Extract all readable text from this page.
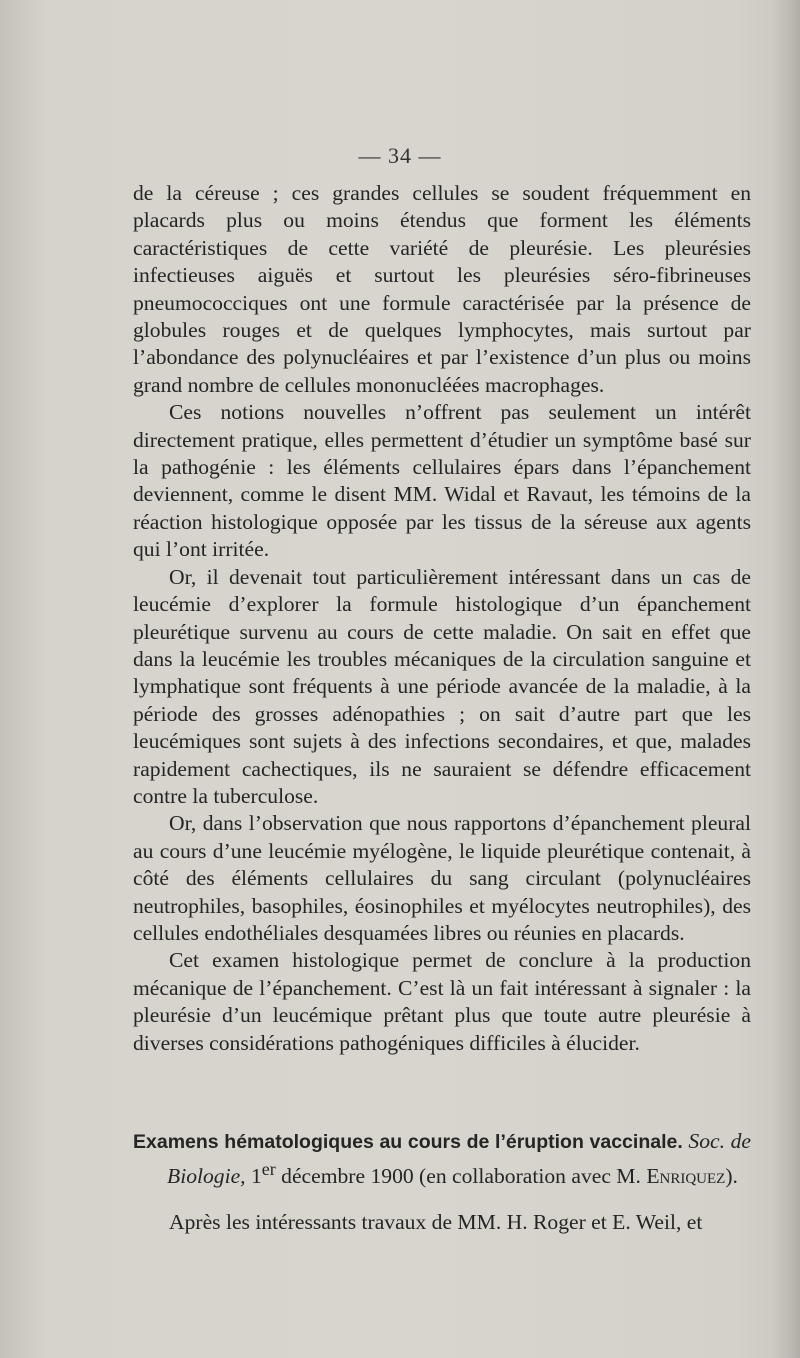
— 34 —

de la céreuse ; ces grandes cellules se soudent fréquemment en placards plus ou moins étendus que forment les éléments caractéristiques de cette variété de pleurésie. Les pleurésies infectieuses aiguës et surtout les pleurésies séro-fibrineuses pneumococciques ont une formule caractérisée par la présence de globules rouges et de quelques lymphocytes, mais surtout par l’abondance des polynucléaires et par l’existence d’un plus ou moins grand nombre de cellules mononucléées macrophages.

Ces notions nouvelles n’offrent pas seulement un intérêt directement pratique, elles permettent d’étudier un symptôme basé sur la pathogénie : les éléments cellulaires épars dans l’épanchement deviennent, comme le disent MM. Widal et Ravaut, les témoins de la réaction histologique opposée par les tissus de la séreuse aux agents qui l’ont irritée.

Or, il devenait tout particulièrement intéressant dans un cas de leucémie d’explorer la formule histologique d’un épanchement pleurétique survenu au cours de cette maladie. On sait en effet que dans la leucémie les troubles mécaniques de la circulation sanguine et lymphatique sont fréquents à une période avancée de la maladie, à la période des grosses adénopathies ; on sait d’autre part que les leucémiques sont sujets à des infections secondaires, et que, malades rapidement cachectiques, ils ne sauraient se défendre efficacement contre la tuberculose.

Or, dans l’observation que nous rapportons d’épanchement pleural au cours d’une leucémie myélogène, le liquide pleurétique contenait, à côté des éléments cellulaires du sang circulant (polynucléaires neutrophiles, basophiles, éosinophiles et myélocytes neutrophiles), des cellules endothéliales desquamées libres ou réunies en placards.

Cet examen histologique permet de conclure à la production mécanique de l’épanchement. C’est là un fait intéressant à signaler : la pleurésie d’un leucémique prêtant plus que toute autre pleurésie à diverses considérations pathogéniques difficiles à élucider.

Examens hématologiques au cours de l’éruption vaccinale. Soc. de Biologie, 1er décembre 1900 (en collaboration avec M. Enriquez).

Après les intéressants travaux de MM. H. Roger et E. Weil, et
